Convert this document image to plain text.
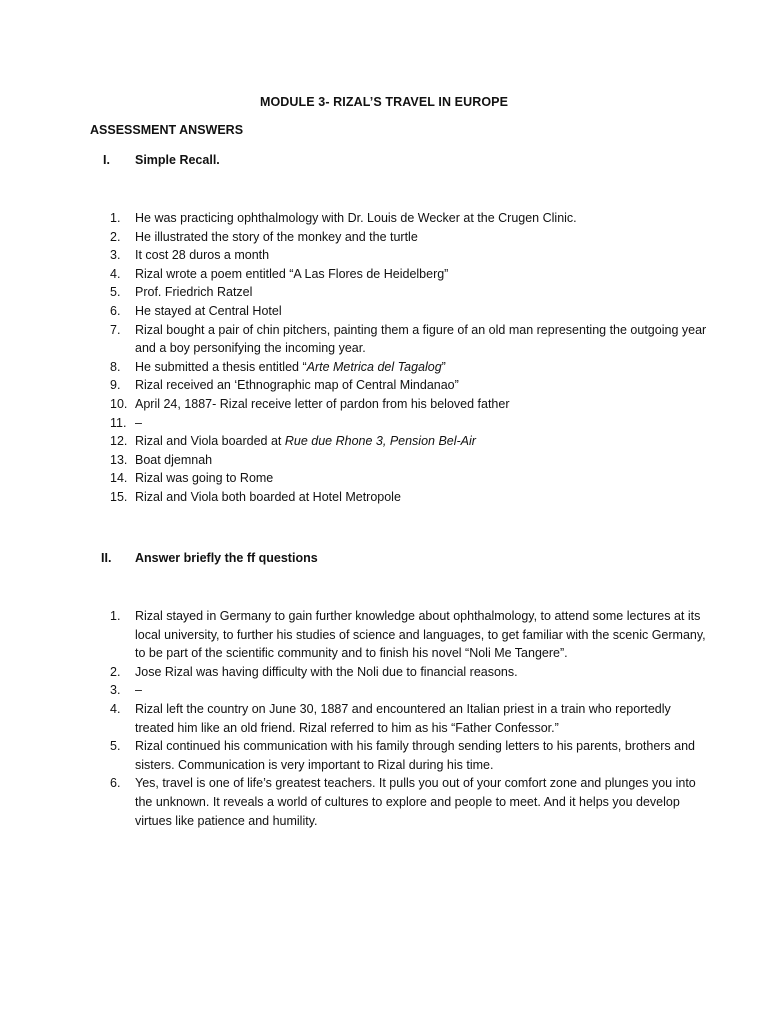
MODULE 3- RIZAL’S TRAVEL IN EUROPE
ASSESSMENT ANSWERS
I. Simple Recall.
1.	He was practicing ophthalmology with Dr. Louis de Wecker at the Crugen Clinic.
2.	He illustrated the story of the monkey and the turtle
3.	It cost 28 duros a month
4.	Rizal wrote a poem entitled “A Las Flores de Heidelberg”
5.	Prof. Friedrich Ratzel
6.	He stayed at Central Hotel
7.	Rizal bought a pair of chin pitchers, painting them a figure of an old man representing the outgoing year and a boy personifying the incoming year.
8.	He submitted a thesis entitled “Arte Metrica del Tagalog”
9.	Rizal received an ‘Ethnographic map of Central Mindanao”
10. April 24, 1887- Rizal receive letter of pardon from his beloved father
11. –
12. Rizal and Viola boarded at Rue due Rhone 3, Pension Bel-Air
13. Boat djemnah
14. Rizal was going to Rome
15. Rizal and Viola both boarded at Hotel Metropole
II. Answer briefly the ff questions
1.	Rizal stayed in Germany to gain further knowledge about ophthalmology, to attend some lectures at its local university, to further his studies of science and languages, to get familiar with the scenic Germany, to be part of the scientific community and to finish his novel “Noli Me Tangere”.
2.	Jose Rizal was having difficulty with the Noli due to financial reasons.
3.	–
4.	Rizal left the country on June 30, 1887 and encountered an Italian priest in a train who reportedly treated him like an old friend. Rizal referred to him as his “Father Confessor.”
5.	Rizal continued his communication with his family through sending letters to his parents, brothers and sisters. Communication is very important to Rizal during his time.
6.	Yes, travel is one of life’s greatest teachers. It pulls you out of your comfort zone and plunges you into the unknown. It reveals a world of cultures to explore and people to meet. And it helps you develop virtues like patience and humility.
